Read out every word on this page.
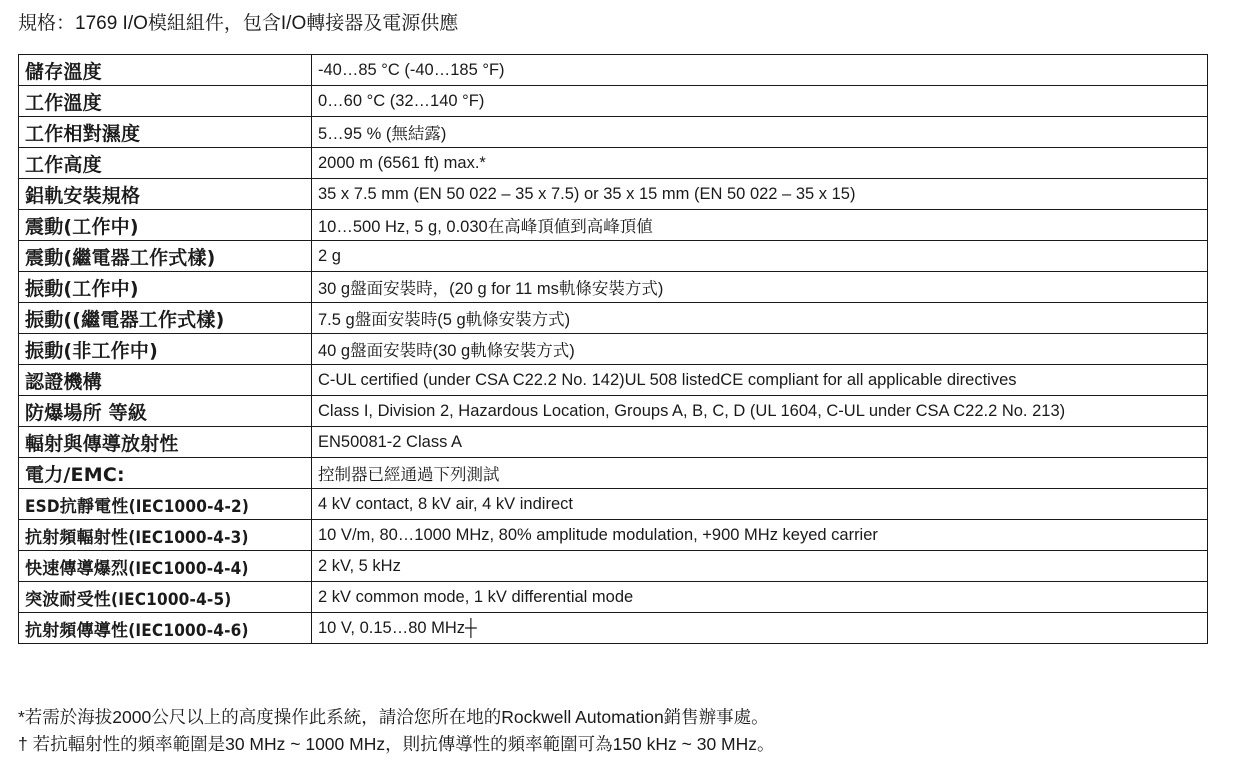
規格：1769 I/O模組組件，包含I/O轉接器及電源供應
儲存溫度	-40…85 °C (-40…185 °F)
工作溫度	0…60 °C (32…140 °F)
工作相對濕度	5…95 % (無結露)
工作高度	2000 m (6561 ft) max.*
鋁軌安裝規格	35 x 7.5 mm (EN 50 022 – 35 x 7.5) or 35 x 15 mm (EN 50 022 – 35 x 15)
震動(工作中)	10…500 Hz, 5 g, 0.030在高峰頂値到高峰頂値
震動(繼電器工作式樣)	2 g
振動(工作中)	30 g盤面安裝時，(20 g for 11 ms軌條安裝方式)
振動((繼電器工作式樣)	7.5 g盤面安裝時(5 g軌條安裝方式)
振動(非工作中)	40 g盤面安裝時(30 g軌條安裝方式)
認證機構	C-UL certified (under CSA C22.2 No. 142)UL 508 listedCE compliant for all applicable directives
防爆場所 等級	Class I, Division 2, Hazardous Location, Groups A, B, C, D (UL 1604, C-UL under CSA C22.2 No. 213)
輻射與傳導放射性	EN50081-2 Class A
電力/EMC:	控制器已經通過下列測試
ESD抗靜電性(IEC1000-4-2)	4 kV contact, 8 kV air, 4 kV indirect
抗射頻輻射性(IEC1000-4-3)	10 V/m, 80…1000 MHz, 80% amplitude modulation, +900 MHz keyed carrier
快速傳導爆烈(IEC1000-4-4)	2 kV, 5 kHz
突波耐受性(IEC1000-4-5)	2 kV common mode, 1 kV differential mode
抗射頻傳導性(IEC1000-4-6)	10 V, 0.15…80 MHz┼
*若需於海拔2000公尺以上的高度操作此系統，請洽您所在地的Rockwell Automation銷售辦事處。
† 若抗輻射性的頻率範圍是30 MHz ~ 1000 MHz，則抗傳導性的頻率範圍可為150 kHz ~ 30 MHz。
